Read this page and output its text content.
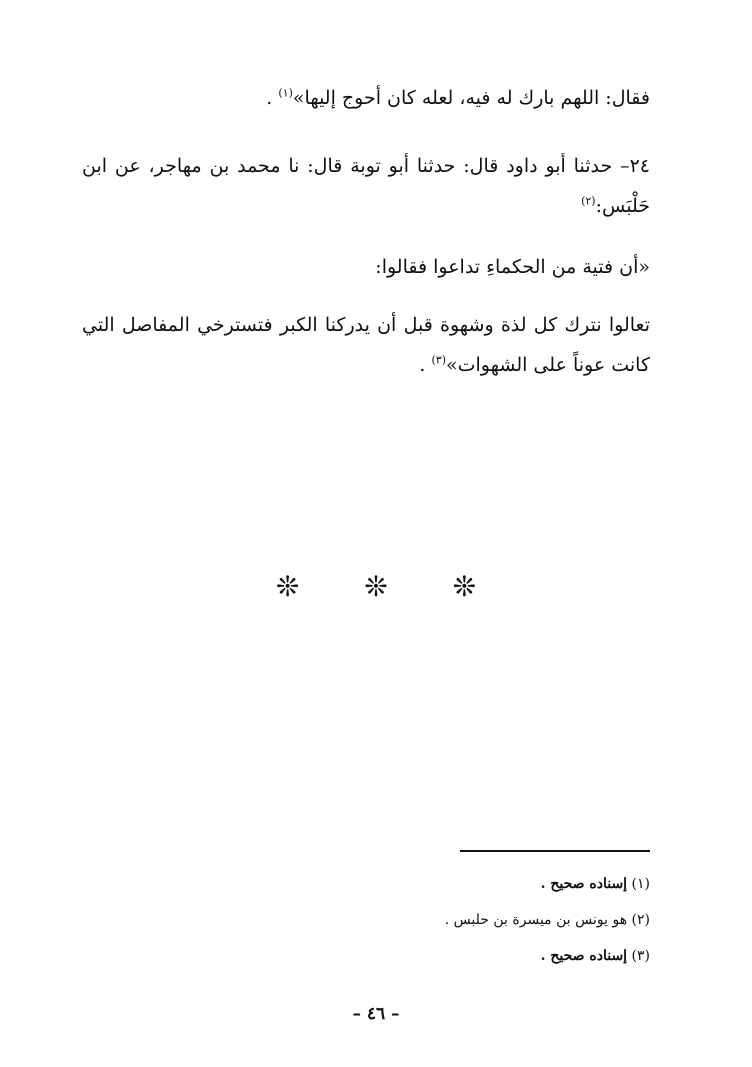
فقال: اللهم بارك له فيه، لعله كان أحوج إليها»$^{(١)}$ .

٢٤– حدثنا أبو داود قال: حدثنا أبو توبة قال: نا محمد بن مهاجر، عن ابن حَلْبَس:$^{(٢)}$

«أن فتية من الحكماءِ تداعوا فقالوا:

تعالوا نترك كل لذة وشهوة قبل أن يدركنا الكبر فتسترخي المفاصل التي كانت عوناً على الشهوات»$^{(٣)}$ .

❊ ❊ ❊

(١) إسناده صحيح .

(٢) هو يونس بن ميسرة بن حلبس .

(٣) إسناده صحيح .

– ٤٦ –
